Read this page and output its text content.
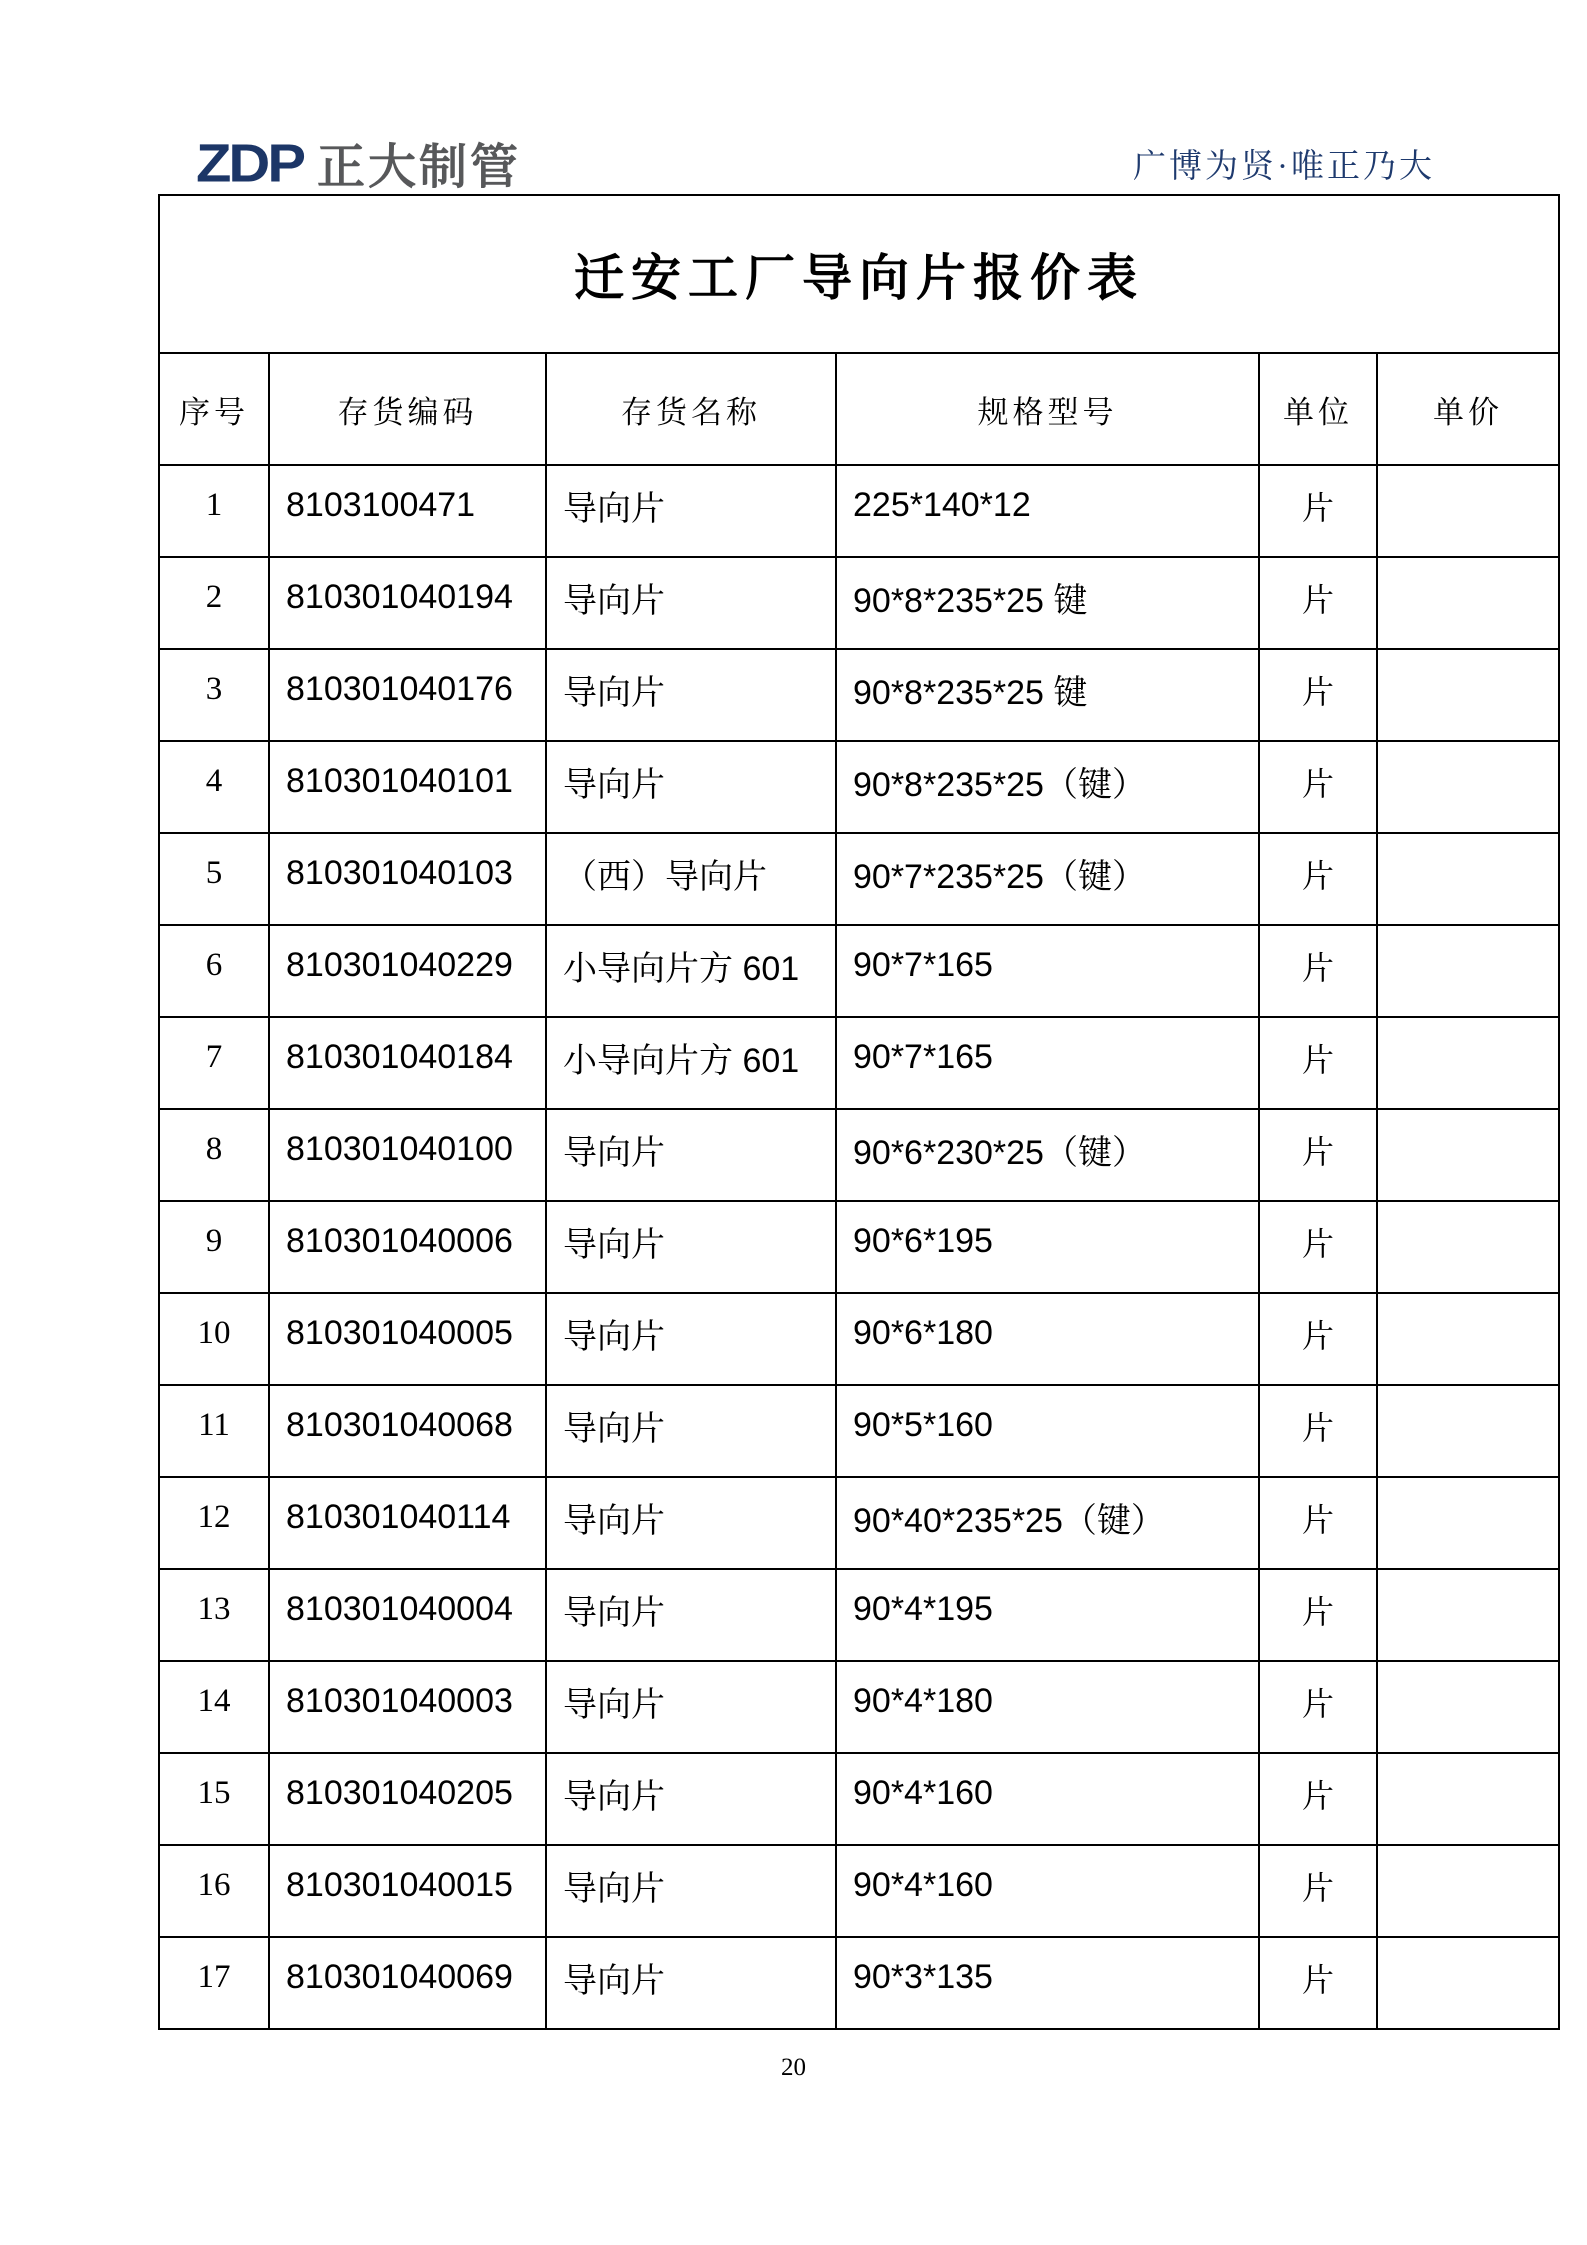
ZDP 正大制管	广博为贤·唯正乃大
迁安工厂导向片报价表					
序号	存货编码	存货名称	规格型号	单位	单价
1	8103100471	导向片	225*140*12	片	
2	810301040194	导向片	90*8*235*25 键	片	
3	810301040176	导向片	90*8*235*25 键	片	
4	810301040101	导向片	90*8*235*25（键）	片	
5	810301040103	（西）导向片	90*7*235*25（键）	片	
6	810301040229	小导向片方 601	90*7*165	片	
7	810301040184	小导向片方 601	90*7*165	片	
8	810301040100	导向片	90*6*230*25（键）	片	
9	810301040006	导向片	90*6*195	片	
10	810301040005	导向片	90*6*180	片	
11	810301040068	导向片	90*5*160	片	
12	810301040114	导向片	90*40*235*25（键）	片	
13	810301040004	导向片	90*4*195	片	
14	810301040003	导向片	90*4*180	片	
15	810301040205	导向片	90*4*160	片	
16	810301040015	导向片	90*4*160	片	
17	810301040069	导向片	90*3*135	片	
20
